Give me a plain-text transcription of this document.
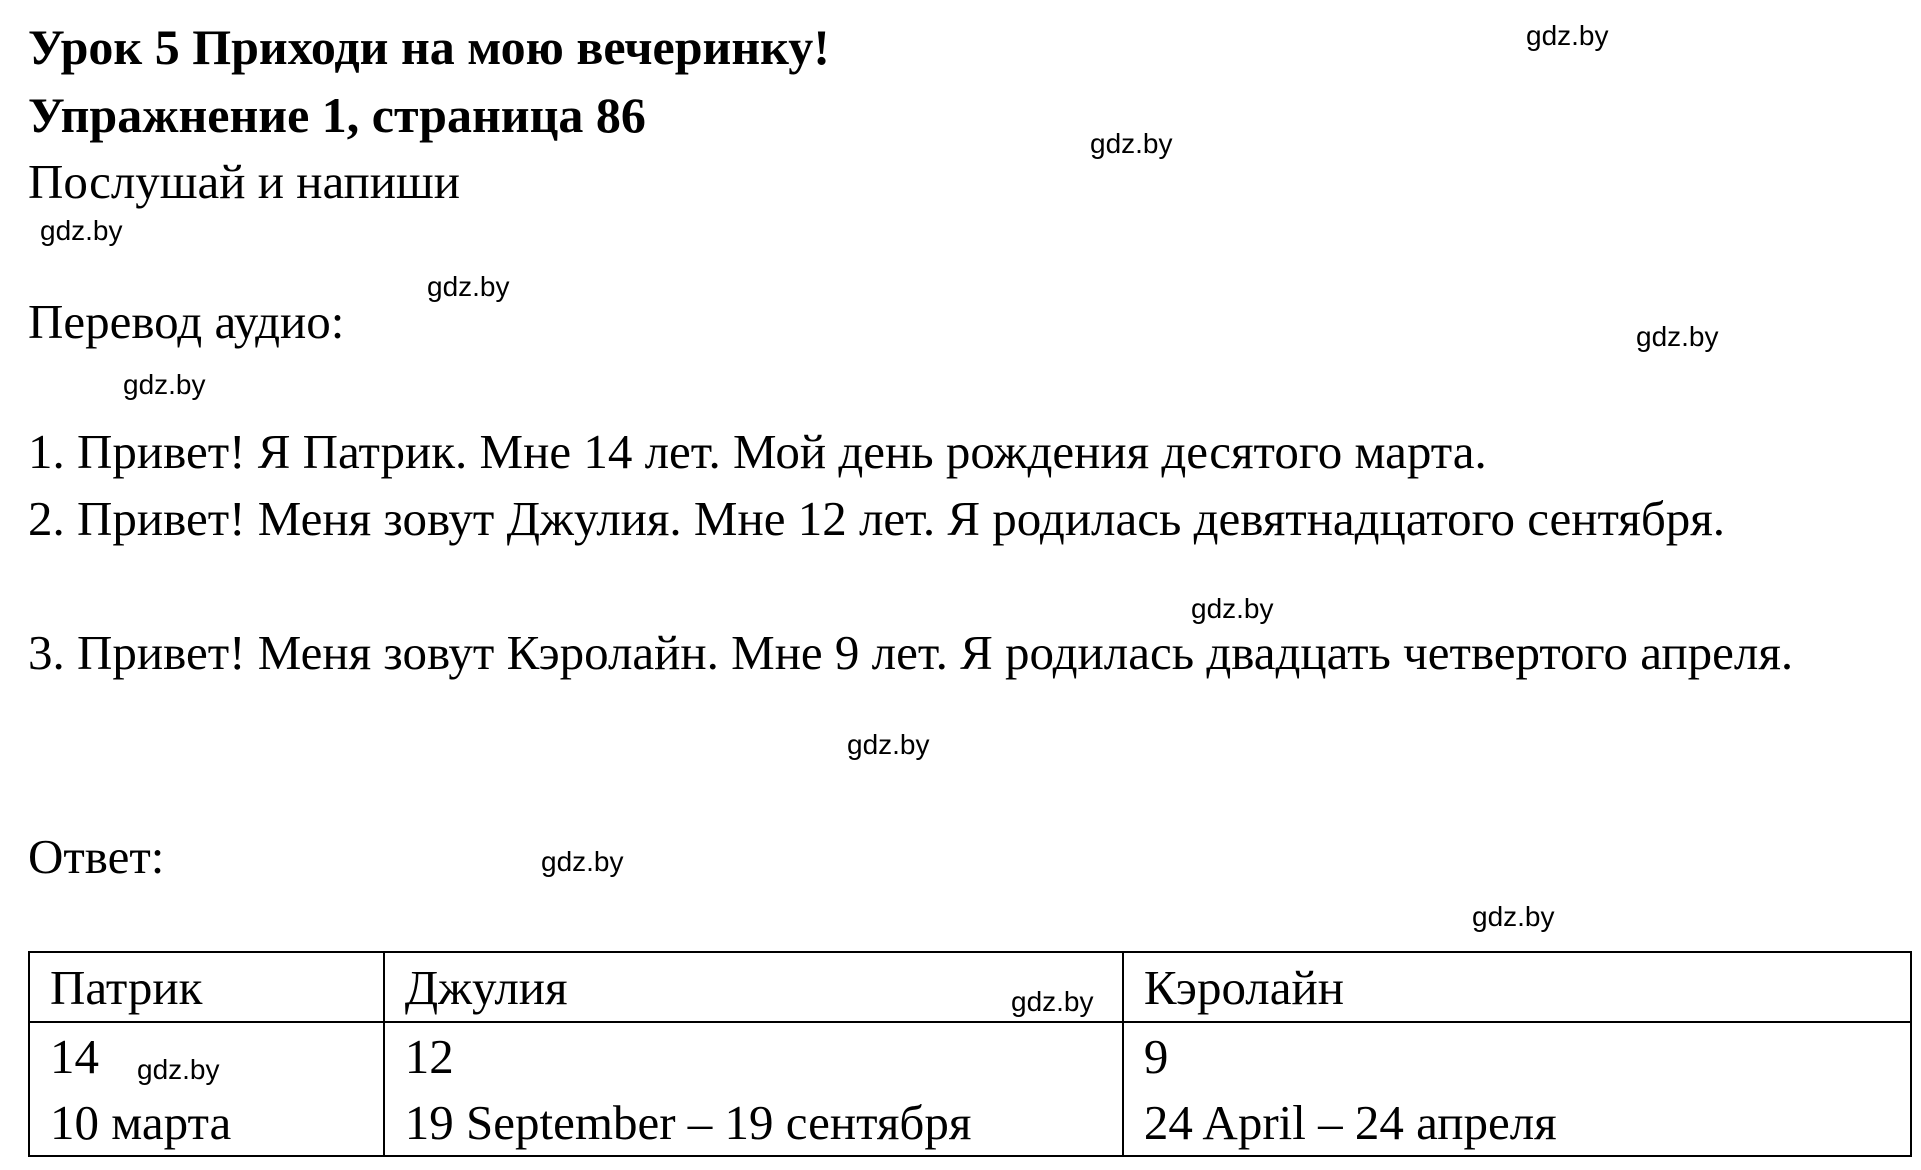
Урок 5 Приходи на мою вечеринку!
Упражнение 1, страница 86

Послушай и напиши

Перевод аудио:

1. Привет! Я Патрик. Мне 14 лет. Мой день рождения десятого марта.

2. Привет! Меня зовут Джулия. Мне 12 лет. Я родилась девятнадцатого сентября.

3. Привет! Меня зовут Кэролайн. Мне 9 лет. Я родилась двадцать четвертого апреля.

Ответ:

Патрик	Джулия	Кэролайн
14	12	9
10 марта	19 September – 19 сентября	24 April – 24 апреля
gdz.by
gdz.by
gdz.by
gdz.by
gdz.by
gdz.by
gdz.by
gdz.by
gdz.by
gdz.by
gdz.by
gdz.by
